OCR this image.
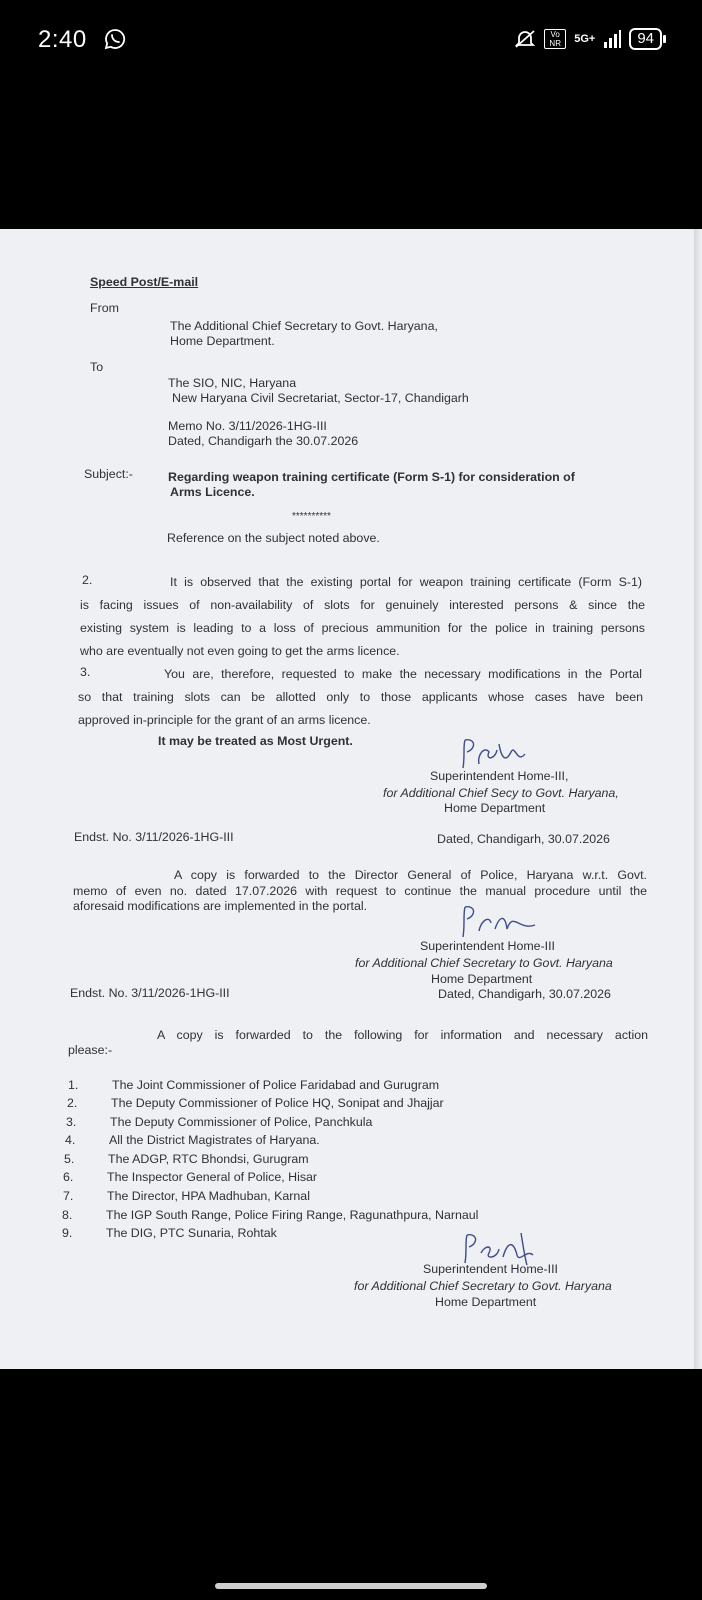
2:40	Vo NR	5G+	94
Speed Post/E-mail
From
The Additional Chief Secretary to Govt. Haryana,
Home Department.
To
The SIO, NIC, Haryana
New Haryana Civil Secretariat, Sector-17, Chandigarh
Memo No. 3/11/2026-1HG-III
Dated, Chandigarh the 30.07.2026
Subject:-	Regarding weapon training certificate (Form S-1) for consideration of
Arms Licence.
**********
Reference on the subject noted above.
2.	It is observed that the existing portal for weapon training certificate (Form S-1)
is facing issues of non-availability of slots for genuinely interested persons & since the
existing system is leading to a loss of precious ammunition for the police in training persons
who are eventually not even going to get the arms licence.
3.	You are, therefore, requested to make the necessary modifications in the Portal
so that training slots can be allotted only to those applicants whose cases have been
approved in-principle for the grant of an arms licence.
It may be treated as Most Urgent.
Superintendent Home-III,
for Additional Chief Secy to Govt. Haryana,
Home Department
Endst. No. 3/11/2026-1HG-III	Dated, Chandigarh, 30.07.2026
A copy is forwarded to the Director General of Police, Haryana w.r.t. Govt.
memo of even no. dated 17.07.2026 with request to continue the manual procedure until the
aforesaid modifications are implemented in the portal.
Superintendent Home-III
for Additional Chief Secretary to Govt. Haryana
Home Department
Endst. No. 3/11/2026-1HG-III	Dated, Chandigarh, 30.07.2026
A copy is forwarded to the following for information and necessary action
please:-
1.	The Joint Commissioner of Police Faridabad and Gurugram
2.	The Deputy Commissioner of Police HQ, Sonipat and Jhajjar
3.	The Deputy Commissioner of Police, Panchkula
4.	All the District Magistrates of Haryana.
5.	The ADGP, RTC Bhondsi, Gurugram
6.	The Inspector General of Police, Hisar
7.	The Director, HPA Madhuban, Karnal
8.	The IGP South Range, Police Firing Range, Ragunathpura, Narnaul
9.	The DIG, PTC Sunaria, Rohtak
Superintendent Home-III
for Additional Chief Secretary to Govt. Haryana
Home Department
